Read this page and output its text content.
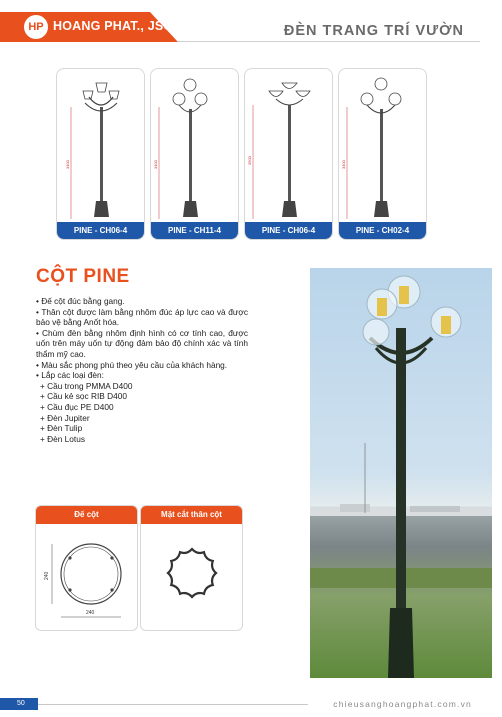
HP HOANG PHAT., JSC	ĐÈN TRANG TRÍ VƯỜN
3400
PINE - CH06-4
3400
PINE - CH11-4
3500
PINE - CH06-4
3400
PINE - CH02-4
CỘT PINE

• Đế cột đúc bằng gang.

• Thân cột được làm bằng nhôm đúc áp lực cao và được bảo vệ bằng Anốt hóa.

• Chùm đèn bằng nhôm định hình có cơ tính cao, được uốn trên máy uốn tự động đảm bảo độ chính xác và tính thẩm mỹ cao.

• Màu sắc phong phú theo yêu cầu của khách hàng.

• Lắp các loại đèn:

+ Cầu trong PMMA D400

+ Cầu kẻ sọc RIB D400

+ Cầu đục PE D400

+ Đèn Jupiter

+ Đèn Tulip

+ Đèn Lotus

Đế cột
240
240
Mặt cắt thân cột
50	chieusanghoangphat.com.vn
